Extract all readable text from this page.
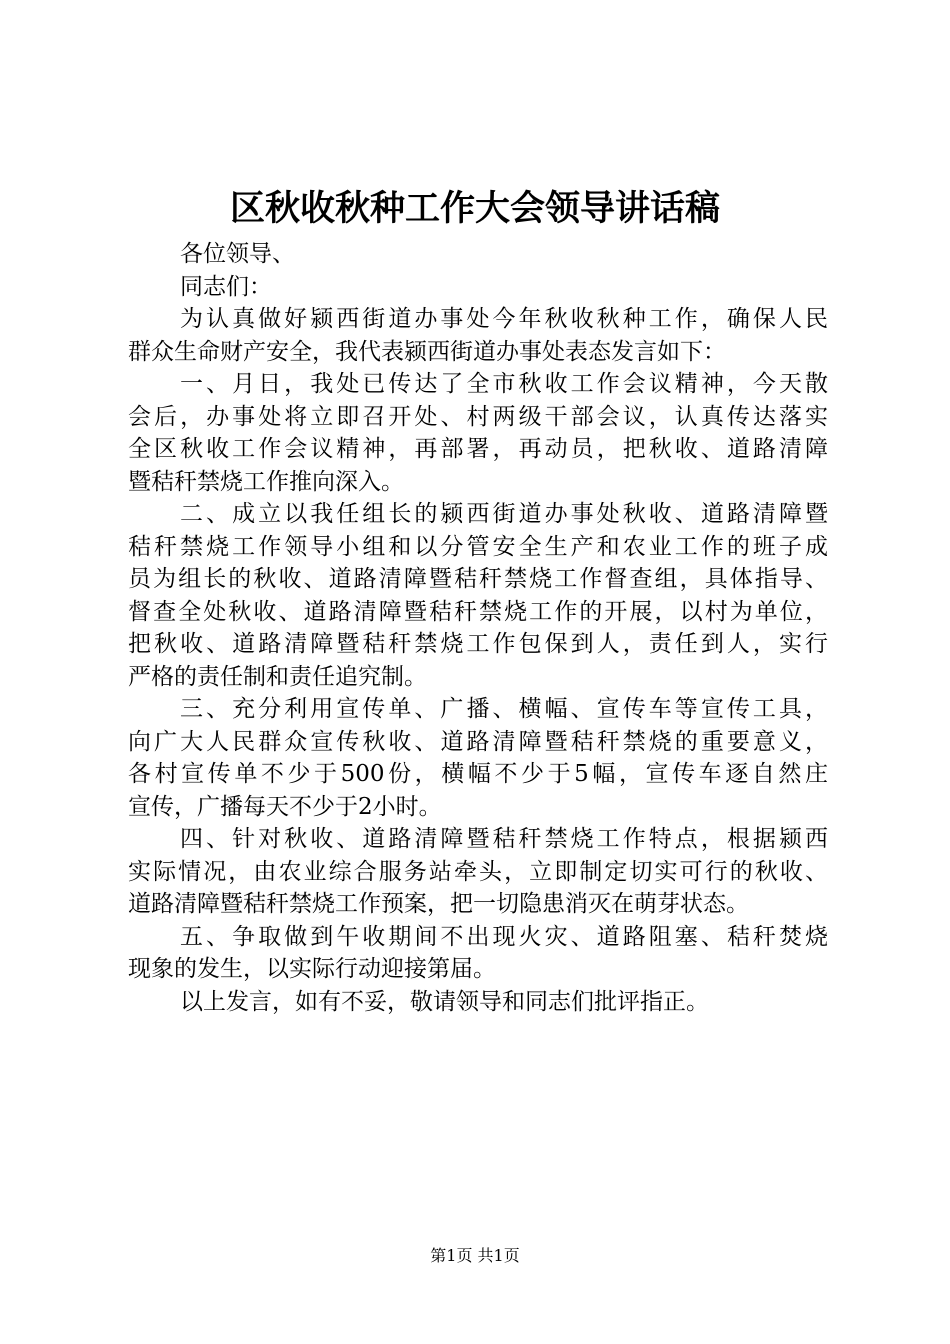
区秋收秋种工作大会领导讲话稿
各位领导、
同志们：
为认真做好颍西街道办事处今年秋收秋种工作，确保人民
群众生命财产安全，我代表颍西街道办事处表态发言如下：
一、月日，我处已传达了全市秋收工作会议精神，今天散
会后，办事处将立即召开处、村两级干部会议，认真传达落实
全区秋收工作会议精神，再部署，再动员，把秋收、道路清障
暨秸秆禁烧工作推向深入。
二、成立以我任组长的颍西街道办事处秋收、道路清障暨
秸秆禁烧工作领导小组和以分管安全生产和农业工作的班子成
员为组长的秋收、道路清障暨秸秆禁烧工作督查组，具体指导、
督查全处秋收、道路清障暨秸秆禁烧工作的开展，以村为单位，
把秋收、道路清障暨秸秆禁烧工作包保到人，责任到人，实行
严格的责任制和责任追究制。
三、充分利用宣传单、广播、横幅、宣传车等宣传工具，
向广大人民群众宣传秋收、道路清障暨秸秆禁烧的重要意义，
各村宣传单不少于500份，横幅不少于5幅，宣传车逐自然庄
宣传，广播每天不少于2小时。
四、针对秋收、道路清障暨秸秆禁烧工作特点，根据颍西
实际情况，由农业综合服务站牵头，立即制定切实可行的秋收、
道路清障暨秸秆禁烧工作预案，把一切隐患消灭在萌芽状态。
五、争取做到午收期间不出现火灾、道路阻塞、秸秆焚烧
现象的发生，以实际行动迎接第届。
以上发言，如有不妥，敬请领导和同志们批评指正。
第1页 共1页
